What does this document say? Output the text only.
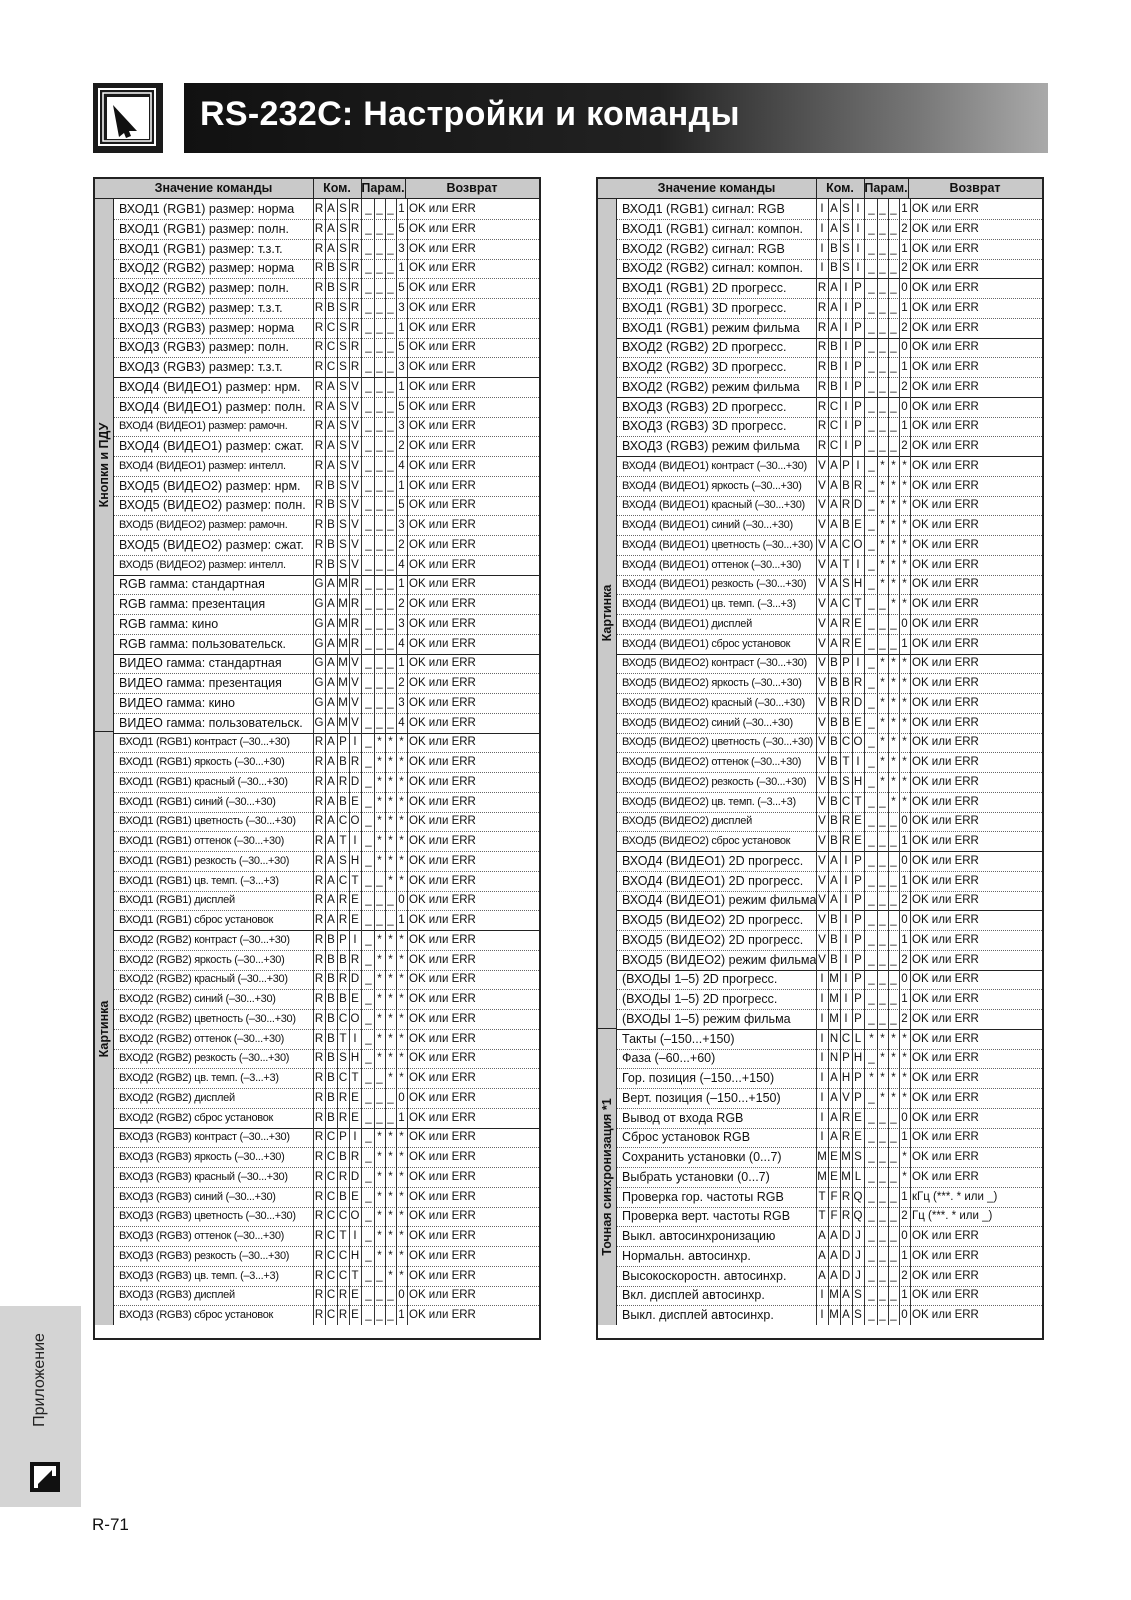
RS-232C: Настройки и команды
Значение команды	Ком. Парам.	Возврат
Кнопки и ПДУ
ВХОД1 (RGB1) размер: норма R A S R _ _ _ 1 OK или ERR
ВХОД1 (RGB1) размер: полн. R A S R _ _ _ 5 OK или ERR
ВХОД1 (RGB1) размер: т.з.т.	R A S R _ _ _ 3 OK или ERR
ВХОД2 (RGB2) размер: норма R B S R _ _ _ 1 OK или ERR
ВХОД2 (RGB2) размер: полн. R B S R _ _ _ 5 OK или ERR
ВХОД2 (RGB2) размер: т.з.т.	R B S R _ _ _ 3 OK или ERR
ВХОД3 (RGB3) размер: норма R C S R _ _ _ 1 OK или ERR
ВХОД3 (RGB3) размер: полн. R C S R _ _ _ 5 OK или ERR
ВХОД3 (RGB3) размер: т.з.т.	R C S R _ _ _ 3 OK или ERR
ВХОД4 (ВИДЕО1) размер: нрм. R A S V _ _ _ 1 OK или ERR
ВХОД4 (ВИДЕО1) размер: полн. R A S V _ _ _ 5 OK или ERR
ВХОД4 (ВИДЕО1) размер: рамочн. R A S V _ _ _ 3 OK или ERR
ВХОД4 (ВИДЕО1) размер: сжат. R A S V _ _ _ 2 OK или ERR
ВХОД4 (ВИДЕО1) размер: интелл.	R A S V _ _ _ 4 OK или ERR
ВХОД5 (ВИДЕО2) размер: нрм. R B S V _ _ _ 1 OK или ERR
ВХОД5 (ВИДЕО2) размер: полн. R B S V _ _ _ 5 OK или ERR
ВХОД5 (ВИДЕО2) размер: рамочн. R B S V _ _ _ 3 OK или ERR
ВХОД5 (ВИДЕО2) размер: сжат. R B S V _ _ _ 2 OK или ERR
ВХОД5 (ВИДЕО2) размер: интелл.	R B S V _ _ _ 4 OK или ERR
RGB гамма: стандартная	G A M R _ _ _ 1 OK или ERR
RGB гамма: презентация	G A M R _ _ _ 2 OK или ERR
RGB гамма: кино	G A M R _ _ _ 3 OK или ERR
RGB гамма: пользовательск. G A M R _ _ _ 4 OK или ERR
ВИДЕО гамма: стандартная	G A M V _ _ _ 1 OK или ERR
ВИДЕО гамма: презентация	G A M V _ _ _ 2 OK или ERR
ВИДЕО гамма: кино	G A M V _ _ _ 3 OK или ERR
ВИДЕО гамма: пользовательск. G A M V _ _ _ 4 OK или ERR
Картинка
ВХОД1 (RGB1) контраст (–30...+30) R A P I _ * * * OK или ERR
ВХОД1 (RGB1) яркость (–30...+30)	R A B R _ * * * OK или ERR
ВХОД1 (RGB1) красный (–30...+30) R A R D _ * * * OK или ERR
ВХОД1 (RGB1) синий (–30...+30)	R A B E _ * * * OK или ERR
ВХОД1 (RGB1) цветность (–30...+30) R A C O _ * * * OK или ERR
ВХОД1 (RGB1) оттенок (–30...+30)	R A T I _ * * * OK или ERR
ВХОД1 (RGB1) резкость (–30...+30) R A S H _ * * * OK или ERR
ВХОД1 (RGB1) цв. темп. (–3...+3)	R A C T _ _ * * OK или ERR
ВХОД1 (RGB1) дисплей	R A R E _ _ _ 0 OK или ERR
ВХОД1 (RGB1) сброс установок	R A R E _ _ _ 1 OK или ERR
ВХОД2 (RGB2) контраст (–30...+30) R B P I _ * * * OK или ERR
ВХОД2 (RGB2) яркость (–30...+30)	R B B R _ * * * OK или ERR
ВХОД2 (RGB2) красный (–30...+30) R B R D _ * * * OK или ERR
ВХОД2 (RGB2) синий (–30...+30)	R B B E _ * * * OK или ERR
ВХОД2 (RGB2) цветность (–30...+30) R B C O _ * * * OK или ERR
ВХОД2 (RGB2) оттенок (–30...+30)	R B T I _ * * * OK или ERR
ВХОД2 (RGB2) резкость (–30...+30) R B S H _ * * * OK или ERR
ВХОД2 (RGB2) цв. темп. (–3...+3)	R B C T _ _ * * OK или ERR
ВХОД2 (RGB2) дисплей	R B R E _ _ _ 0 OK или ERR
ВХОД2 (RGB2) сброс установок	R B R E _ _ _ 1 OK или ERR
ВХОД3 (RGB3) контраст (–30...+30) R C P I _ * * * OK или ERR
ВХОД3 (RGB3) яркость (–30...+30)	R C B R _ * * * OK или ERR
ВХОД3 (RGB3) красный (–30...+30) R C R D _ * * * OK или ERR
ВХОД3 (RGB3) синий (–30...+30)	R C B E _ * * * OK или ERR
ВХОД3 (RGB3) цветность (–30...+30) R C C O _ * * * OK или ERR
ВХОД3 (RGB3) оттенок (–30...+30)	R C T I _ * * * OK или ERR
ВХОД3 (RGB3) резкость (–30...+30) R C C H _ * * * OK или ERR
ВХОД3 (RGB3) цв. темп. (–3...+3)	R C C T _ _ * * OK или ERR
ВХОД3 (RGB3) дисплей	R C R E _ _ _ 0 OK или ERR
ВХОД3 (RGB3) сброс установок	R C R E _ _ _ 1 OK или ERR
Значение команды	Ком. Парам.	Возврат
Картинка
ВХОД1 (RGB1) сигнал: RGB	I A S I _ _ _ 1 OK или ERR
ВХОД1 (RGB1) сигнал: компон.	I A S I _ _ _ 2 OK или ERR
ВХОД2 (RGB2) сигнал: RGB	I B S I _ _ _ 1 OK или ERR
ВХОД2 (RGB2) сигнал: компон.	I B S I _ _ _ 2 OK или ERR
ВХОД1 (RGB1) 2D прогресс.	R A I P _ _ _ 0 OK или ERR
ВХОД1 (RGB1) 3D прогресс.	R A I P _ _ _ 1 OK или ERR
ВХОД1 (RGB1) режим фильма R A I P _ _ _ 2 OK или ERR
ВХОД2 (RGB2) 2D прогресс.	R B I P _ _ _ 0 OK или ERR
ВХОД2 (RGB2) 3D прогресс.	R B I P _ _ _ 1 OK или ERR
ВХОД2 (RGB2) режим фильма R B I P _ _ _ 2 OK или ERR
ВХОД3 (RGB3) 2D прогресс.	R C I P _ _ _ 0 OK или ERR
ВХОД3 (RGB3) 3D прогресс.	R C I P _ _ _ 1 OK или ERR
ВХОД3 (RGB3) режим фильма R C I P _ _ _ 2 OK или ERR
ВХОД4 (ВИДЕО1) контраст (–30...+30) V A P I _ * * * OK или ERR
ВХОД4 (ВИДЕО1) яркость (–30...+30) V A B R _ * * * OK или ERR
ВХОД4 (ВИДЕО1) красный (–30...+30) V A R D _ * * * OK или ERR
ВХОД4 (ВИДЕО1) синий (–30...+30) V A B E _ * * * OK или ERR
ВХОД4 (ВИДЕО1) цветность (–30...+30) V A C O _ * * * OK или ERR
ВХОД4 (ВИДЕО1) оттенок (–30...+30) V A T I _ * * * OK или ERR
ВХОД4 (ВИДЕО1) резкость (–30...+30) V A S H _ * * * OK или ERR
ВХОД4 (ВИДЕО1) цв. темп. (–3...+3) V A C T _ _ * * OK или ERR
ВХОД4 (ВИДЕО1) дисплей	V A R E _ _ _ 0 OK или ERR
ВХОД4 (ВИДЕО1) сброс установок V A R E _ _ _ 1 OK или ERR
ВХОД5 (ВИДЕО2) контраст (–30...+30) V B P I _ * * * OK или ERR
ВХОД5 (ВИДЕО2) яркость (–30...+30) V B B R _ * * * OK или ERR
ВХОД5 (ВИДЕО2) красный (–30...+30) V B R D _ * * * OK или ERR
ВХОД5 (ВИДЕО2) синий (–30...+30) V B B E _ * * * OK или ERR
ВХОД5 (ВИДЕО2) цветность (–30...+30) V B C O _ * * * OK или ERR
ВХОД5 (ВИДЕО2) оттенок (–30...+30) V B T I _ * * * OK или ERR
ВХОД5 (ВИДЕО2) резкость (–30...+30) V B S H _ * * * OK или ERR
ВХОД5 (ВИДЕО2) цв. темп. (–3...+3) V B C T _ _ * * OK или ERR
ВХОД5 (ВИДЕО2) дисплей	V B R E _ _ _ 0 OK или ERR
ВХОД5 (ВИДЕО2) сброс установок V B R E _ _ _ 1 OK или ERR
ВХОД4 (ВИДЕО1) 2D прогресс. V A I P _ _ _ 0 OK или ERR
ВХОД4 (ВИДЕО1) 2D прогресс. V A I P _ _ _ 1 OK или ERR
ВХОД4 (ВИДЕО1) режим фильма V A I P _ _ _ 2 OK или ERR
ВХОД5 (ВИДЕО2) 2D прогресс. V B I P _ _ _ 0 OK или ERR
ВХОД5 (ВИДЕО2) 2D прогресс. V B I P _ _ _ 1 OK или ERR
ВХОД5 (ВИДЕО2) режим фильма V B I P _ _ _ 2 OK или ERR
(ВХОДЫ 1–5) 2D прогресс.	I M I P _ _ _ 0 OK или ERR
(ВХОДЫ 1–5) 2D прогресс.	I M I P _ _ _ 1 OK или ERR
(ВХОДЫ 1–5) режим фильма	I M I P _ _ _ 2 OK или ERR
Точная синхронизация *1
Такты (–150...+150)	I N C L * * * * OK или ERR
Фаза (–60...+60)	I N P H _ * * * OK или ERR
Гор. позиция (–150...+150)	I A H P * * * * OK или ERR
Верт. позиция (–150...+150)	I A V P _ * * * OK или ERR
Вывод от входа RGB	I A R E _ _ _ 0 OK или ERR
Сброс установок RGB	I A R E _ _ _ 1 OK или ERR
Сохранить установки (0...7)	M E M S _ _ _ * OK или ERR
Выбрать установки (0...7)	M E M L _ _ _ * OK или ERR
Проверка гор. частоты RGB	T F R Q _ _ _ 1 кГц (***. * или _)
Проверка верт. частоты RGB T F R Q _ _ _ 2 Гц (***. * или _)
Выкл. автосинхронизацию	A A D J _ _ _ 0 OK или ERR
Нормальн. автосинхр.	A A D J _ _ _ 1 OK или ERR
Высокоскоростн. автосинхр.	A A D J _ _ _ 2 OK или ERR
Вкл. дисплей автосинхр.	I M A S _ _ _ 1 OK или ERR
Выкл. дисплей автосинхр.	I M A S _ _ _ 0 OK или ERR
Приложение
R-71
